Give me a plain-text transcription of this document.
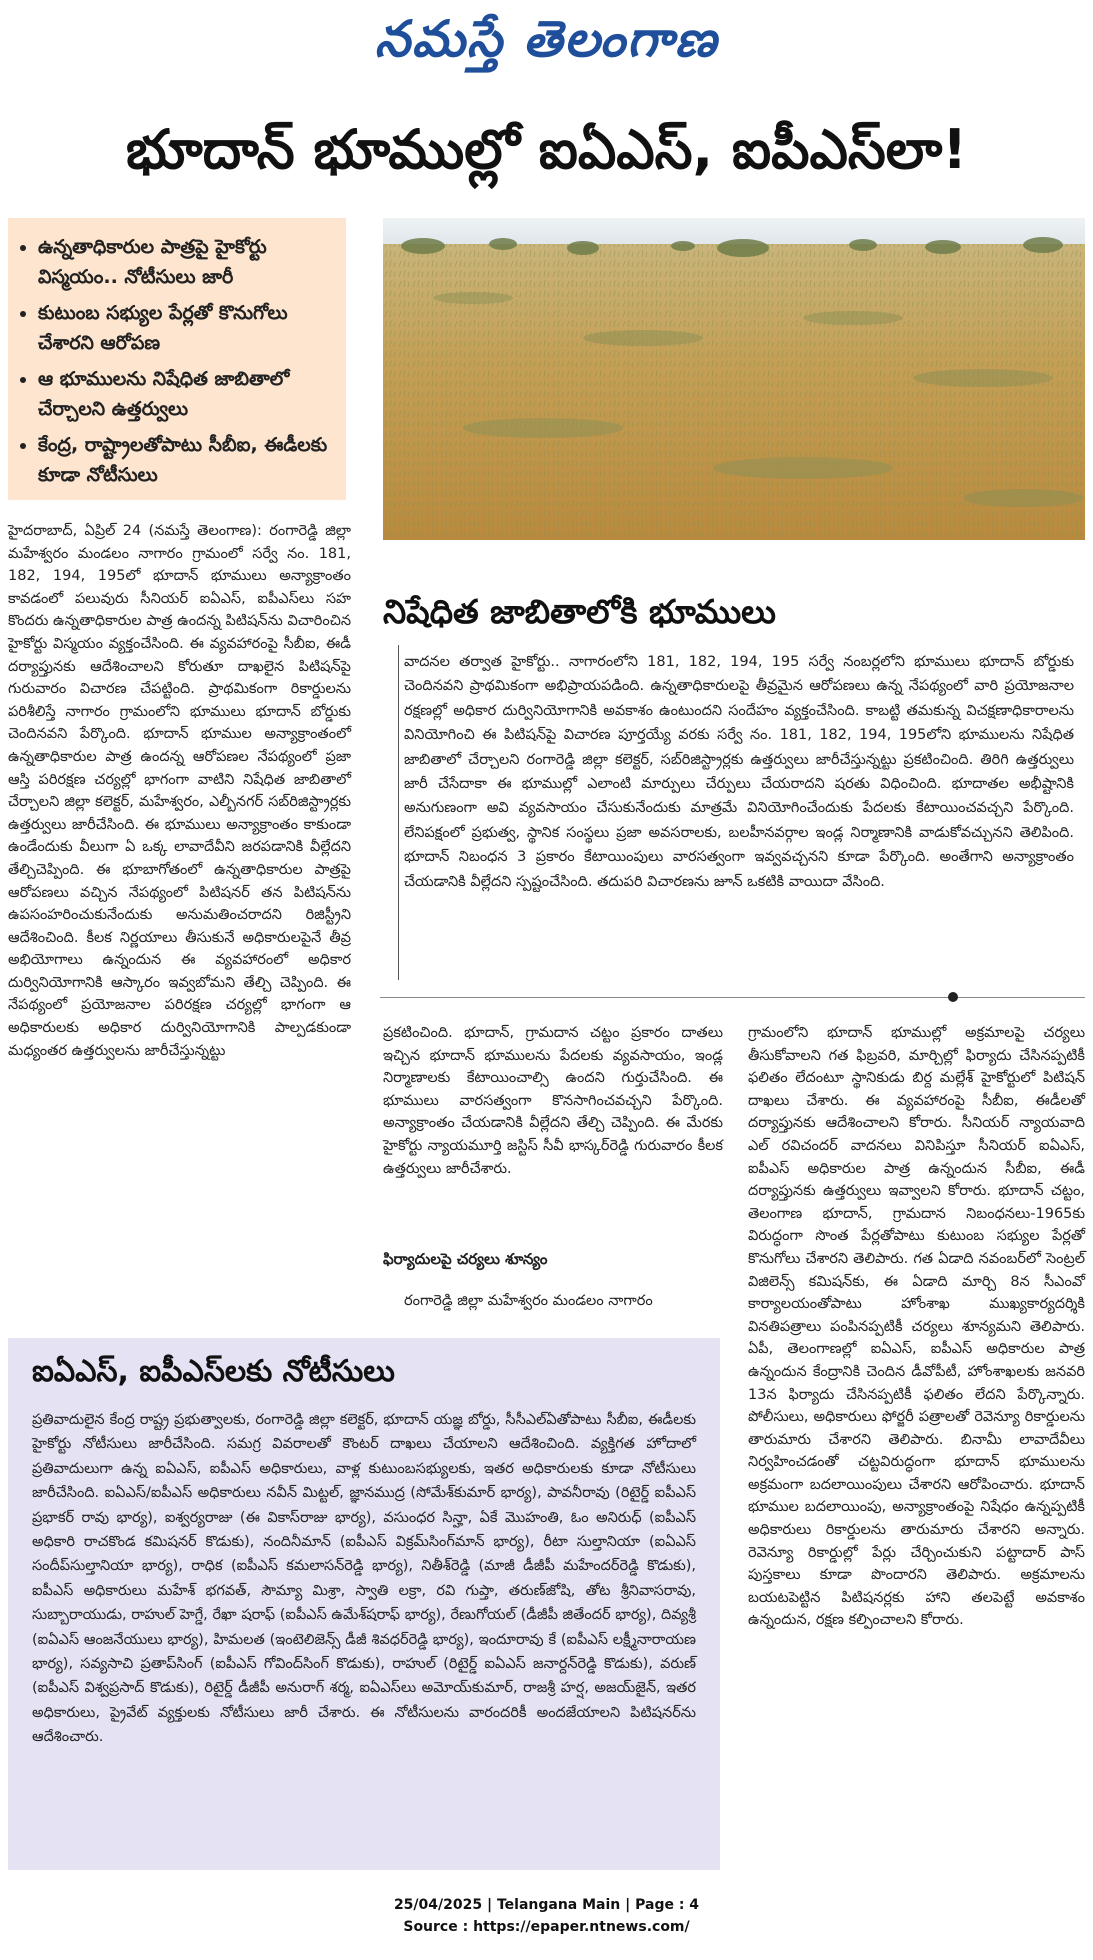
నమస్తే తెలంగాణ
భూదాన్ భూముల్లో ఐఏఎస్, ఐపీఎస్‌లా!
• ఉన్నతాధికారుల పాత్రపై హైకోర్టు విస్మయం.. నోటీసులు జారీ
• కుటుంబ సభ్యుల పేర్లతో కొనుగోలు చేశారని ఆరోపణ
• ఆ భూములను నిషేధిత జాబితాలో చేర్చాలని ఉత్తర్వులు
• కేంద్ర, రాష్ట్రాలతోపాటు సీబీఐ, ఈడీలకు కూడా నోటీసులు

హైదరాబాద్, ఏప్రిల్ 24 (నమస్తే తెలంగాణ): రంగారెడ్డి జిల్లా మహేశ్వరం మండలం నాగారం గ్రామంలో సర్వే నం. 181, 182, 194, 195లో భూదాన్ భూములు అన్యాక్రాంతం కావడంలో పలువురు సీనియర్ ఐఏఎస్, ఐపీఎస్‌లు సహ కొందరు ఉన్నతాధికారుల పాత్ర ఉందన్న పిటిషన్‌ను విచారించిన హైకోర్టు విస్మయం వ్యక్తంచేసింది. ఈ వ్యవహారంపై సీబీఐ, ఈడీ దర్యాప్తునకు ఆదేశించాలని కోరుతూ దాఖలైన పిటిషన్‌పై గురువారం విచారణ చేపట్టింది. ప్రాథమికంగా రికార్డులను పరిశీలిస్తే నాగారం గ్రామంలోని భూములు భూదాన్ బోర్డుకు చెందినవని పేర్కొంది. భూదాన్ భూముల అన్యాక్రాంతంలో ఉన్నతాధికారుల పాత్ర ఉందన్న ఆరోపణల నేపథ్యంలో ప్రజా ఆస్తి పరిరక్షణ చర్యల్లో భాగంగా వాటిని నిషేధిత జాబితాలో చేర్చాలని జిల్లా కలెక్టర్, మహేశ్వరం, ఎల్బీనగర్ సబ్‌రిజిస్ట్రార్లకు ఉత్తర్వులు జారీచేసింది. ఈ భూములు అన్యాక్రాంతం కాకుండా ఉండేందుకు వీలుగా ఏ ఒక్క లావాదేవీని జరపడానికి వీల్లేదని తేల్చిచెప్పింది. ఈ భూబాగోతంలో ఉన్నతాధికారుల పాత్రపై ఆరోపణలు వచ్చిన నేపథ్యంలో పిటిషనర్ తన పిటిషన్‌ను ఉపసంహరించుకునేందుకు అనుమతించరాదని రిజిస్ట్రీని ఆదేశించింది. కీలక నిర్ణయాలు తీసుకునే అధికారులపైనే తీవ్ర అభియోగాలు ఉన్నందున ఈ వ్యవహారంలో అధికార దుర్వినియోగానికి ఆస్కారం ఇవ్వబోమని తేల్చి చెప్పింది. ఈ నేపథ్యంలో ప్రయోజనాల పరిరక్షణ చర్యల్లో భాగంగా ఆ అధికారులకు అధికార దుర్వినియోగానికి పాల్పడకుండా మధ్యంతర ఉత్తర్వులను జారీచేస్తున్నట్టు

నిషేధిత జాబితాలోకి భూములు
వాదనల తర్వాత హైకోర్టు.. నాగారంలోని 181, 182, 194, 195 సర్వే నంబర్లలోని భూములు భూదాన్ బోర్డుకు చెందినవని ప్రాథమికంగా అభిప్రాయపడింది. ఉన్నతాధికారులపై తీవ్రమైన ఆరోపణలు ఉన్న నేపథ్యంలో వారి ప్రయోజనాల రక్షణల్లో అధికార దుర్వినియోగానికి అవకాశం ఉంటుందని సందేహం వ్యక్తంచేసింది. కాబట్టి తమకున్న విచక్షణాధికారాలను వినియోగించి ఈ పిటిషన్‌పై విచారణ పూర్తయ్యే వరకు సర్వే నం. 181, 182, 194, 195లోని భూములను నిషేధిత జాబితాలో చేర్చాలని రంగారెడ్డి జిల్లా కలెక్టర్, సబ్‌రిజిస్ట్రార్లకు ఉత్తర్వులు జారీచేస్తున్నట్టు ప్రకటించింది. తిరిగి ఉత్తర్వులు జారీ చేసేదాకా ఈ భూముల్లో ఎలాంటి మార్పులు చేర్పులు చేయరాదని షరతు విధించింది. భూదాతల అభీష్టానికి అనుగుణంగా అవి వ్యవసాయం చేసుకునేందుకు మాత్రమే వినియోగించేందుకు పేదలకు కేటాయించవచ్చని పేర్కొంది. లేనిపక్షంలో ప్రభుత్వ, స్థానిక సంస్థలు ప్రజా అవసరాలకు, బలహీనవర్గాల ఇండ్ల నిర్మాణానికి వాడుకోవచ్చునని తెలిపింది. భూదాన్ నిబంధన 3 ప్రకారం కేటాయింపులు వారసత్వంగా ఇవ్వవచ్చనని కూడా పేర్కొంది. అంతేగాని అన్యాక్రాంతం చేయడానికి వీల్లేదని స్పష్టంచేసింది. తదుపరి విచారణను జూన్ ఒకటికి వాయిదా వేసింది.

ప్రకటించింది. భూదాన్, గ్రామదాన చట్టం ప్రకారం దాతలు ఇచ్చిన భూదాన్ భూములను పేదలకు వ్యవసాయం, ఇండ్ల నిర్మాణాలకు కేటాయించాల్సి ఉందని గుర్తుచేసింది. ఈ భూములు వారసత్వంగా కొనసాగించవచ్చని పేర్కొంది. అన్యాక్రాంతం చేయడానికి వీల్లేదని తేల్చి చెప్పింది. ఈ మేరకు హైకోర్టు న్యాయమూర్తి జస్టిస్ సీవీ భాస్కర్‌రెడ్డి గురువారం కీలక ఉత్తర్వులు జారీచేశారు.

ఫిర్యాదులపై చర్యలు శూన్యం

రంగారెడ్డి జిల్లా మహేశ్వరం మండలం నాగారం

గ్రామంలోని భూదాన్ భూముల్లో అక్రమాలపై చర్యలు తీసుకోవాలని గత ఫిబ్రవరి, మార్చిల్లో ఫిర్యాదు చేసినప్పటికీ ఫలితం లేదంటూ స్థానికుడు బిర్ద మల్లేశ్ హైకోర్టులో పిటిషన్ దాఖలు చేశారు. ఈ వ్యవహారంపై సీబీఐ, ఈడీలతో దర్యాప్తునకు ఆదేశించాలని కోరారు. సీనియర్ న్యాయవాది ఎల్ రవిచందర్ వాదనలు వినిపిస్తూ సీనియర్ ఐఏఎస్, ఐపీఎస్ అధికారుల పాత్ర ఉన్నందున సీబీఐ, ఈడీ దర్యాప్తునకు ఉత్తర్వులు ఇవ్వాలని కోరారు. భూదాన్ చట్టం, తెలంగాణ భూదాన్, గ్రామదాన నిబంధనలు-1965కు విరుద్ధంగా సొంత పేర్లతోపాటు కుటుంబ సభ్యుల పేర్లతో కొనుగోలు చేశారని తెలిపారు. గత ఏడాది నవంబర్‌లో సెంట్రల్ విజిలెన్స్ కమిషన్‌కు, ఈ ఏడాది మార్చి 8న సీఎంవో కార్యాలయంతోపాటు హోంశాఖ ముఖ్యకార్యదర్శికి వినతిపత్రాలు పంపినప్పటికీ చర్యలు శూన్యమని తెలిపారు. ఏపీ, తెలంగాణల్లో ఐఏఎస్, ఐపీఎస్ అధికారుల పాత్ర ఉన్నందున కేంద్రానికి చెందిన డీవోపీటీ, హోంశాఖలకు జనవరి 13న ఫిర్యాదు చేసినప్పటికీ ఫలితం లేదని పేర్కొన్నారు. పోలీసులు, అధికారులు ఫోర్జరీ పత్రాలతో రెవెన్యూ రికార్డులను తారుమారు చేశారని తెలిపారు. బినామీ లావాదేవీలు నిర్వహించడంతో చట్టవిరుద్ధంగా భూదాన్ భూములను అక్రమంగా బదలాయింపులు చేశారని ఆరోపించారు. భూదాన్ భూముల బదలాయింపు, అన్యాక్రాంతంపై నిషేధం ఉన్నప్పటికీ అధికారులు రికార్డులను తారుమారు చేశారని అన్నారు. రెవెన్యూ రికార్డుల్లో పేర్లు చేర్చించుకుని పట్టాదార్ పాస్ పుస్తకాలు కూడా పొందారని తెలిపారు. అక్రమాలను బయటపెట్టిన పిటిషనర్లకు హాని తలపెట్టే అవకాశం ఉన్నందున, రక్షణ కల్పించాలని కోరారు.

ఐఏఎస్, ఐపీఎస్‌లకు నోటీసులు

ప్రతివాదులైన కేంద్ర రాష్ట్ర ప్రభుత్వాలకు, రంగారెడ్డి జిల్లా కలెక్టర్, భూదాన్ యజ్ఞ బోర్డు, సీసీఎల్ఏతోపాటు సీబీఐ, ఈడీలకు హైకోర్టు నోటీసులు జారీచేసింది. సమగ్ర వివరాలతో కౌంటర్ దాఖలు చేయాలని ఆదేశించింది. వ్యక్తిగత హోదాలో ప్రతివాదులుగా ఉన్న ఐఏఎస్, ఐపీఎస్ అధికారులు, వాళ్ల కుటుంబసభ్యులకు, ఇతర అధికారులకు కూడా నోటీసులు జారీచేసింది. ఐఏఎస్/ఐపీఎస్ అధికారులు నవీన్ మిట్టల్, జ్ఞానముద్ర (సోమేశ్‌కుమార్ భార్య), పావనీరావు (రిటైర్డ్ ఐపీఎస్ ప్రభాకర్ రావు భార్య), ఐశ్వర్యరాజు (ఈ వికాస్‌రాజు భార్య), వసుంధర సిన్హా, ఏకే మొహంతి, ఓం అనిరుధ్ (ఐపీఎస్ అధికారి రాచకొండ కమిషనర్ కొడుకు), నందినీమాన్ (ఐపీఎస్ విక్రమ్‌సింగ్‌మాన్ భార్య), రీటా సుల్తానియా (ఐఏఎస్ సందీప్‌సుల్తానియా భార్య), రాధిక (ఐపీఎస్ కమలాసన్‌రెడ్డి భార్య), నితీశ్‌రెడ్డి (మాజీ డీజీపీ మహేందర్‌రెడ్డి కొడుకు), ఐపీఎస్ అధికారులు మహేశ్ భగవత్, సౌమ్యా మిశ్రా, స్వాతి లక్రా, రవి గుప్తా, తరుణ్‌జోషి, తోట శ్రీనివాసరావు, సుబ్బారాయుడు, రాహుల్ హెగ్డే, రేఖా షరాఫ్ (ఐపీఎస్ ఉమేశ్‌షరాఫ్ భార్య), రేణుగోయల్ (డీజీపీ జితేందర్ భార్య), దివ్యశ్రీ (ఐఏఎస్ ఆంజనేయులు భార్య), హిమలత (ఇంటెలిజెన్స్ డీజీ శివధర్‌రెడ్డి భార్య), ఇందూరావు కే (ఐపీఎస్ లక్ష్మీనారాయణ భార్య), సవ్యసాచి ప్రతాప్‌సింగ్ (ఐపీఎస్ గోవింద్‌సింగ్ కొడుకు), రాహుల్ (రిటైర్డ్ ఐఏఎస్ జనార్దన్‌రెడ్డి కొడుకు), వరుణ్ (ఐపీఎస్ విశ్వప్రసాద్ కొడుకు), రిటైర్డ్ డీజీపీ అనురాగ్ శర్మ, ఐఏఎస్‌లు అమోయ్‌కుమార్, రాజశ్రీ హర్ష, అజయ్‌జైన్, ఇతర అధికారులు, ప్రైవేట్ వ్యక్తులకు నోటీసులు జారీ చేశారు. ఈ నోటీసులను వారందరికీ అందజేయాలని పిటిషనర్‌ను ఆదేశించారు.

25/04/2025 | Telangana Main | Page : 4
Source : https://epaper.ntnews.com/
